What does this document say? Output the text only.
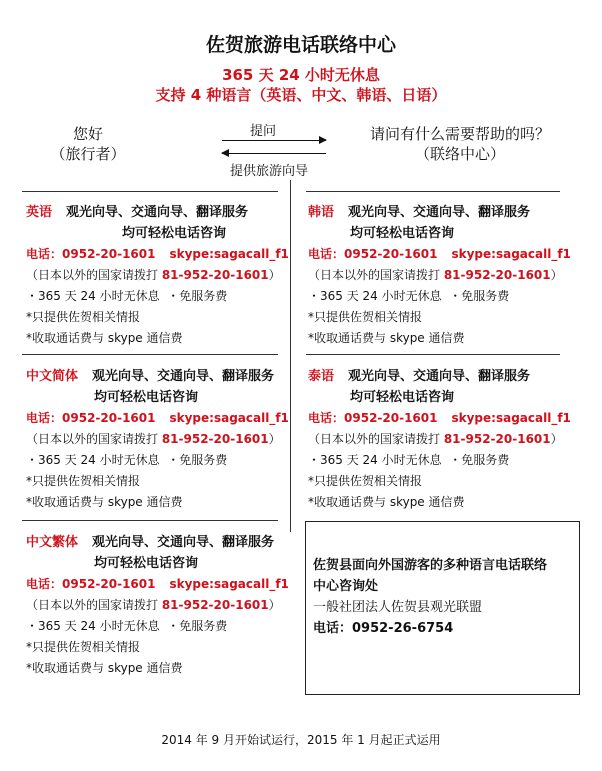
佐贺旅游电话联络中心
365 天 24 小时无休息
支持 4 种语言（英语、中文、韩语、日语）
您好
（旅行者）
提问
提供旅游向导
请问有什么需要帮助的吗？
（联络中心）
英语 观光向导、交通向导、翻译服务
均可轻松电话咨询
电话：0952-20-1601 skype:sagacall_f1
（日本以外的国家请拨打 81-952-20-1601）
・365 天 24 小时无休息 ・免服务费
*只提供佐贺相关情报
*收取通话费与 skype 通信费
韩语 观光向导、交通向导、翻译服务
均可轻松电话咨询
电话：0952-20-1601 skype:sagacall_f1
（日本以外的国家请拨打 81-952-20-1601）
・365 天 24 小时无休息 ・免服务费
*只提供佐贺相关情报
*收取通话费与 skype 通信费
中文简体 观光向导、交通向导、翻译服务
均可轻松电话咨询
电话：0952-20-1601 skype:sagacall_f1
（日本以外的国家请拨打 81-952-20-1601）
・365 天 24 小时无休息 ・免服务费
*只提供佐贺相关情报
*收取通话费与 skype 通信费
泰语 观光向导、交通向导、翻译服务
均可轻松电话咨询
电话：0952-20-1601 skype:sagacall_f1
（日本以外的国家请拨打 81-952-20-1601）
・365 天 24 小时无休息 ・免服务费
*只提供佐贺相关情报
*收取通话费与 skype 通信费
中文繁体 观光向导、交通向导、翻译服务
均可轻松电话咨询
电话：0952-20-1601 skype:sagacall_f1
（日本以外的国家请拨打 81-952-20-1601）
・365 天 24 小时无休息 ・免服务费
*只提供佐贺相关情报
*收取通话费与 skype 通信费
佐贺县面向外国游客的多种语言电话联络
中心咨询处
一般社团法人佐贺县观光联盟
电话：0952-26-6754
2014 年 9 月开始试运行，2015 年 1 月起正式运用
